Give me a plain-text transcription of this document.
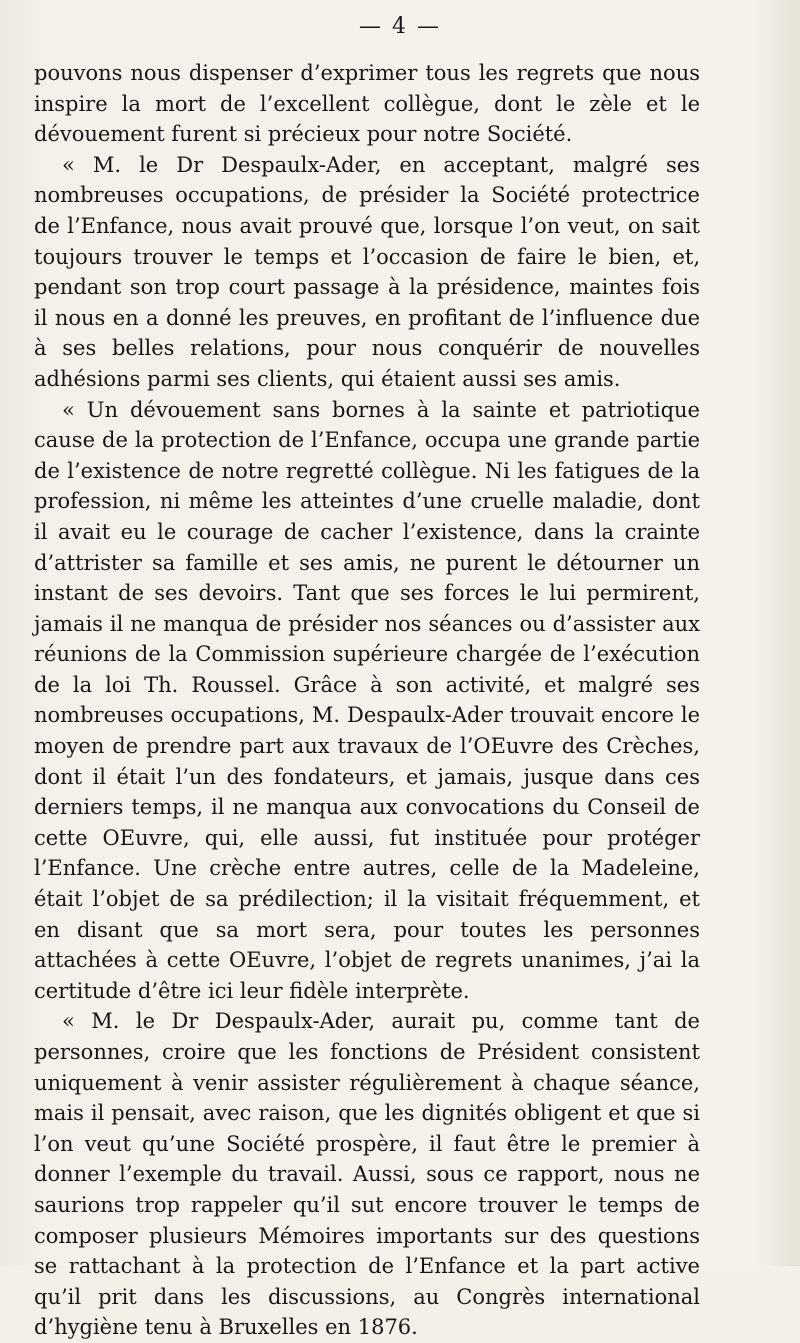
— 4 —

pouvons nous dispenser d’exprimer tous les regrets que nous inspire la mort de l’excellent collègue, dont le zèle et le dévouement furent si précieux pour notre Société.

« M. le Dr Despaulx-Ader, en acceptant, malgré ses nombreuses occupations, de présider la Société protectrice de l’Enfance, nous avait prouvé que, lorsque l’on veut, on sait toujours trouver le temps et l’occasion de faire le bien, et, pendant son trop court passage à la présidence, maintes fois il nous en a donné les preuves, en profitant de l’influence due à ses belles relations, pour nous conquérir de nouvelles adhésions parmi ses clients, qui étaient aussi ses amis.

« Un dévouement sans bornes à la sainte et patriotique cause de la protection de l’Enfance, occupa une grande partie de l’existence de notre regretté collègue. Ni les fatigues de la profession, ni même les atteintes d’une cruelle maladie, dont il avait eu le courage de cacher l’existence, dans la crainte d’attrister sa famille et ses amis, ne purent le détourner un instant de ses devoirs. Tant que ses forces le lui permirent, jamais il ne manqua de présider nos séances ou d’assister aux réunions de la Commission supérieure chargée de l’exécution de la loi Th. Roussel. Grâce à son activité, et malgré ses nombreuses occupations, M. Despaulx-Ader trouvait encore le moyen de prendre part aux travaux de l’OEuvre des Crèches, dont il était l’un des fondateurs, et jamais, jusque dans ces derniers temps, il ne manqua aux convocations du Conseil de cette OEuvre, qui, elle aussi, fut instituée pour protéger l’Enfance. Une crèche entre autres, celle de la Madeleine, était l’objet de sa prédilection; il la visitait fréquemment, et en disant que sa mort sera, pour toutes les personnes attachées à cette OEuvre, l’objet de regrets unanimes, j’ai la certitude d’être ici leur fidèle interprète.

« M. le Dr Despaulx-Ader, aurait pu, comme tant de personnes, croire que les fonctions de Président consistent uniquement à venir assister régulièrement à chaque séance, mais il pensait, avec raison, que les dignités obligent et que si l’on veut qu’une Société prospère, il faut être le premier à donner l’exemple du travail. Aussi, sous ce rapport, nous ne saurions trop rappeler qu’il sut encore trouver le temps de composer plusieurs Mémoires importants sur des questions se rattachant à la protection de l’Enfance et la part active qu’il prit dans les discussions, au Congrès international d’hygiène tenu à Bruxelles en 1876.
